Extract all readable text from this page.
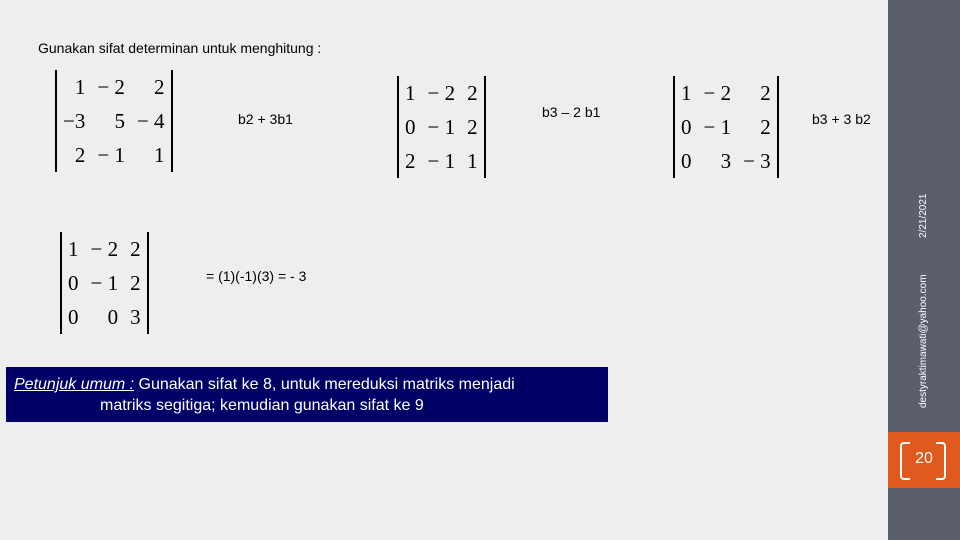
Gunakan sifat determinan untuk menghitung :
1	− 2	2
−3	5	− 4
2	− 1	1
b2 + 3b1
1	− 2	2
0	− 1	2
2	− 1	1
b3 – 2 b1
1	− 2	2
0	− 1	2
0	3	− 3
b3 + 3 b2
1	− 2	2
0	− 1	2
0	0	3
= (1)(-1)(3) = - 3
Petunjuk umum : Gunakan sifat ke 8, untuk mereduksi matriks menjadi
matriks segitiga; kemudian gunakan sifat ke 9
2/21/2021
destyraktimawati@yahoo.com
20
